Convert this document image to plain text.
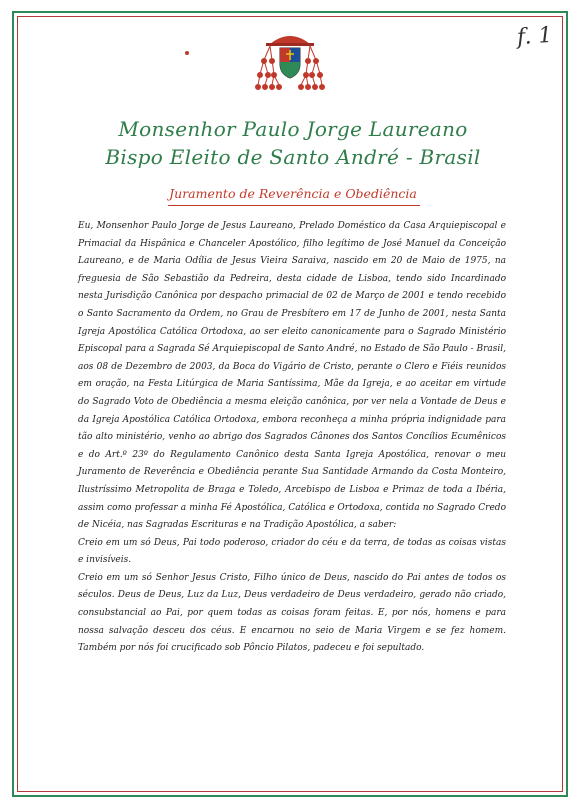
f. 1
Monsenhor Paulo Jorge Laureano
Bispo Eleito de Santo André - Brasil
Juramento de Reverência e Obediência

Eu, Monsenhor Paulo Jorge de Jesus Laureano, Prelado Doméstico da Casa Arquiepiscopal e Primacial da Hispânica e Chanceler Apostólico, filho legítimo de José Manuel da Conceição Laureano, e de Maria Odília de Jesus Vieira Saraiva, nascido em 20 de Maio de 1975, na freguesia de São Sebastião da Pedreira, desta cidade de Lisboa, tendo sido Incardinado nesta Jurisdição Canônica por despacho primacial de 02 de Março de 2001 e tendo recebido o Santo Sacramento da Ordem, no Grau de Presbítero em 17 de Junho de 2001, nesta Santa Igreja Apostólica Católica Ortodoxa, ao ser eleito canonicamente para o Sagrado Ministério Episcopal para a Sagrada Sé Arquiepiscopal de Santo André, no Estado de São Paulo - Brasil, aos 08 de Dezembro de 2003, da Boca do Vigário de Cristo, perante o Clero e Fiéis reunidos em oração, na Festa Litúrgica de Maria Santíssima, Mãe da Igreja, e ao aceitar em virtude do Sagrado Voto de Obediência a mesma eleição canônica, por ver nela a Vontade de Deus e da Igreja Apostólica Católica Ortodoxa, embora reconheça a minha própria indignidade para tão alto ministério, venho ao abrigo dos Sagrados Cânones dos Santos Concílios Ecumênicos e do Art.º 23º do Regulamento Canônico desta Santa Igreja Apostólica, renovar o meu Juramento de Reverência e Obediência perante Sua Santidade Armando da Costa Monteiro, Ilustríssimo Metropolita de Braga e Toledo, Arcebispo de Lisboa e Primaz de toda a Ibéria, assim como professar a minha Fé Apostólica, Católica e Ortodoxa, contida no Sagrado Credo de Nicéia, nas Sagradas Escrituras e na Tradição Apostólica, a saber:

Creio em um só Deus, Pai todo poderoso, criador do céu e da terra, de todas as coisas vistas e invisíveis.

Creio em um só Senhor Jesus Cristo, Filho único de Deus, nascido do Pai antes de todos os séculos. Deus de Deus, Luz da Luz, Deus verdadeiro de Deus verdadeiro, gerado não criado, consubstancial ao Pai, por quem todas as coisas foram feitas. E, por nós, homens e para nossa salvação desceu dos céus. E encarnou no seio de Maria Virgem e se fez homem. Também por nós foi crucificado sob Pôncio Pilatos, padeceu e foi sepultado.
